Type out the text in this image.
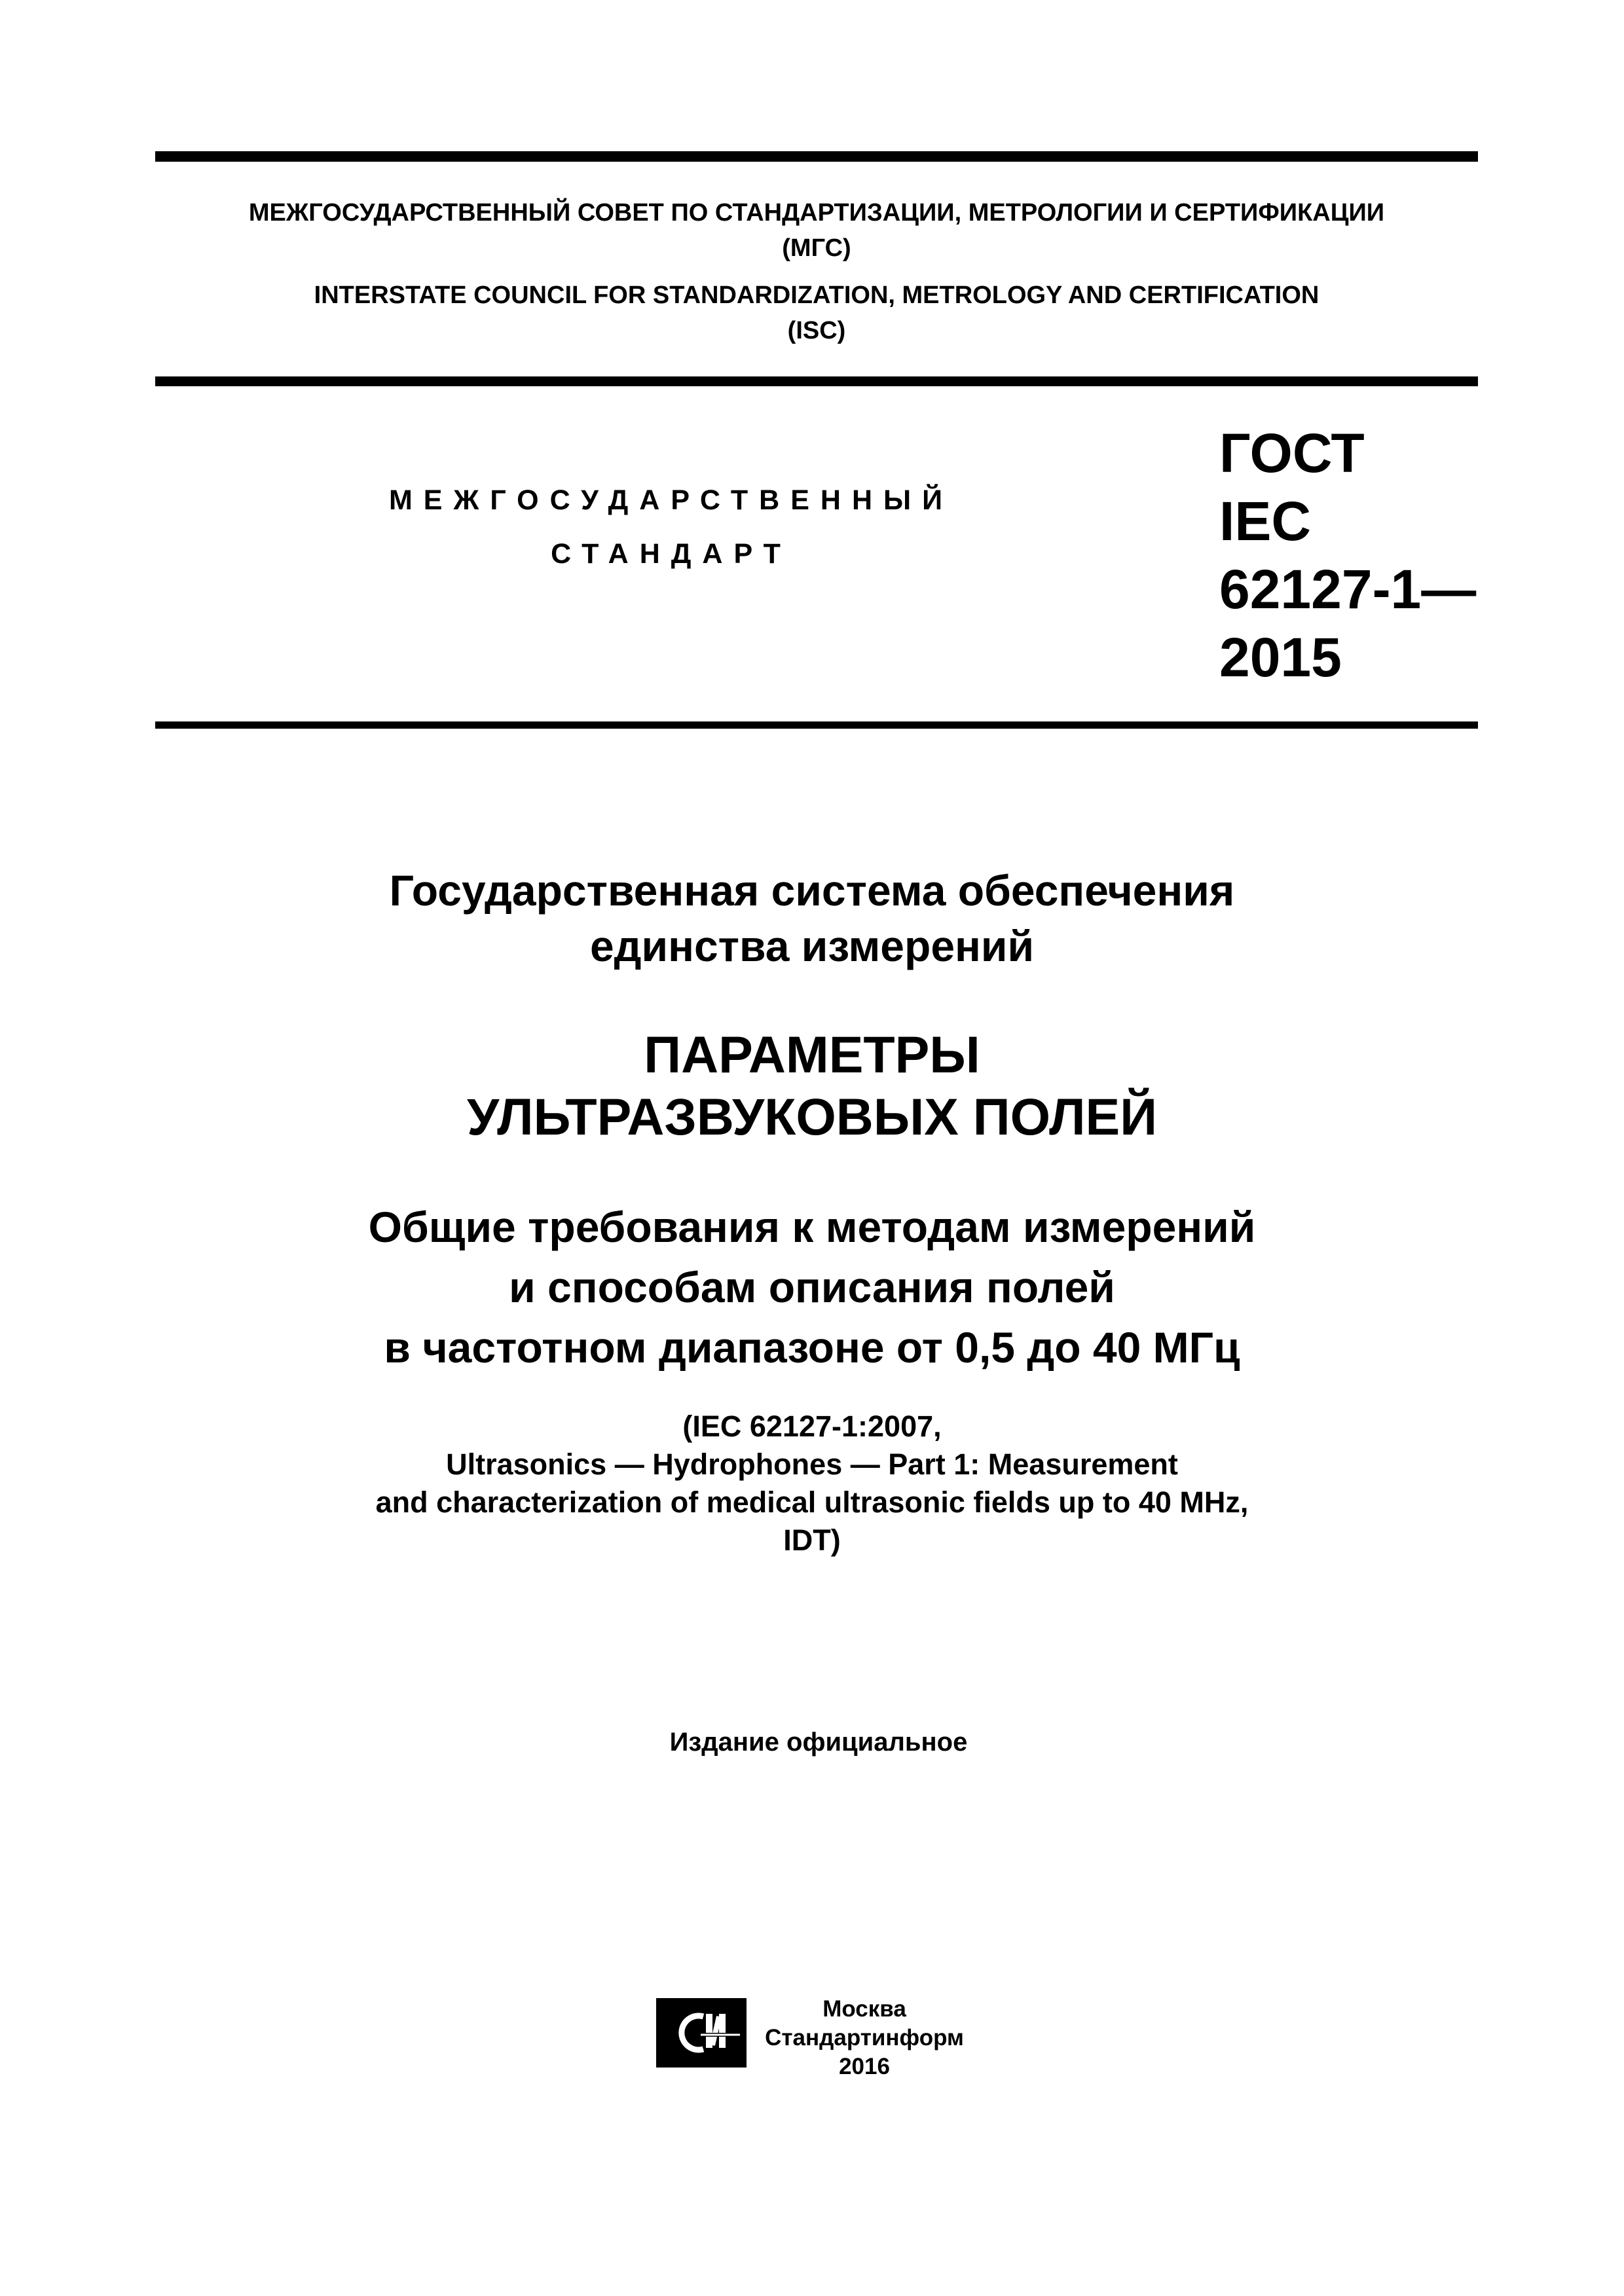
МЕЖГОСУДАРСТВЕННЫЙ СОВЕТ ПО СТАНДАРТИЗАЦИИ, МЕТРОЛОГИИ И СЕРТИФИКАЦИИ
(МГС)
INTERSTATE COUNCIL FOR STANDARDIZATION, METROLOGY AND CERTIFICATION
(ISC)
МЕЖГОСУДАРСТВЕННЫЙ
СТАНДАРТ
ГОСТ
IEC
62127-1—
2015
Государственная система обеспечения
единства измерений
ПАРАМЕТРЫ
УЛЬТРАЗВУКОВЫХ ПОЛЕЙ
Общие требования к методам измерений
и способам описания полей
в частотном диапазоне от 0,5 до 40 МГц
(IEC 62127-1:2007,
Ultrasonics — Hydrophones — Part 1: Measurement
and characterization of medical ultrasonic fields up to 40 MHz,
IDT)
Издание официальное
Москва
Стандартинформ
2016
